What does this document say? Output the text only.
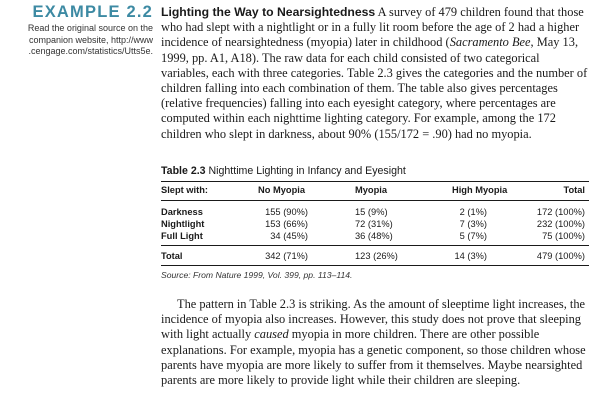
EXAMPLE 2.2
Read the original source on the
companion website, http://www
.cengage.com/statistics/Utts5e.
Lighting the Way to Nearsightedness A survey of 479 children found that those who had slept with a nightlight or in a fully lit room before the age of 2 had a higher incidence of nearsightedness (myopia) later in childhood (Sacramento Bee, May 13, 1999, pp. A1, A18). The raw data for each child consisted of two categorical variables, each with three categories. Table 2.3 gives the categories and the number of children falling into each combination of them. The table also gives percentages (relative frequencies) falling into each eyesight category, where percentages are computed within each nighttime lighting category. For example, among the 172 children who slept in darkness, about 90% (155/172 = .90) had no myopia.
Table 2.3 Nighttime Lighting in Infancy and Eyesight
Slept with:	No Myopia	Myopia	High Myopia	Total
Darkness	155 (90%)	15 (9%)	2 (1%)	172 (100%)
Nightlight	153 (66%)	72 (31%)	7 (3%)	232 (100%)
Full Light	34 (45%)	36 (48%)	5 (7%)	75 (100%)
Total	342 (71%)	123 (26%)	14 (3%)	479 (100%)
Source: From Nature 1999, Vol. 399, pp. 113–114.

The pattern in Table 2.3 is striking. As the amount of sleeptime light increases, the incidence of myopia also increases. However, this study does not prove that sleeping with light actually caused myopia in more children. There are other possible explanations. For example, myopia has a genetic component, so those children whose parents have myopia are more likely to suffer from it themselves. Maybe nearsighted parents are more likely to provide light while their children are sleeping.
